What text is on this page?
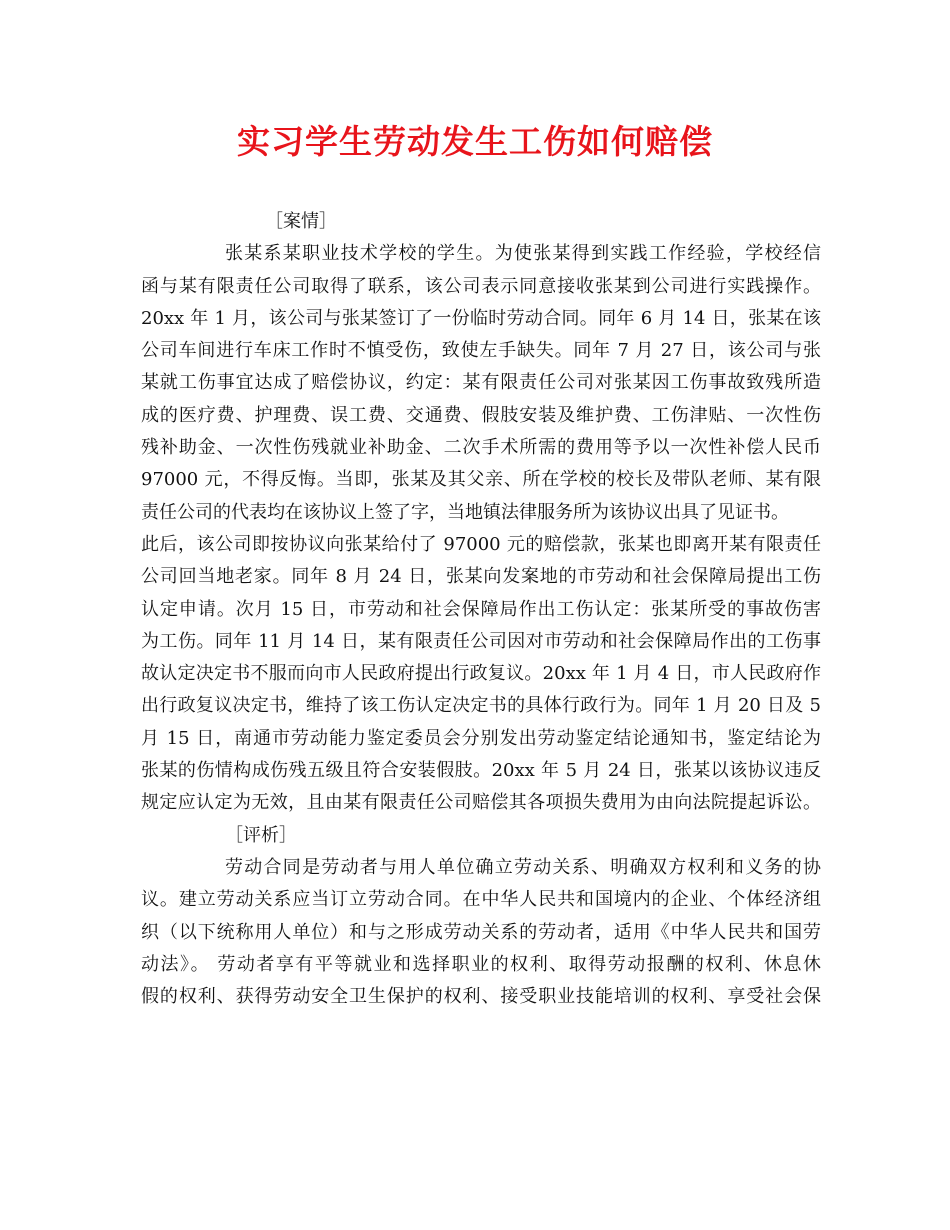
实习学生劳动发生工伤如何赔偿
［案情］
张某系某职业技术学校的学生。为使张某得到实践工作经验，学校经信
函与某有限责任公司取得了联系，该公司表示同意接收张某到公司进行实践操作。
20xx 年 1 月，该公司与张某签订了一份临时劳动合同。同年 6 月 14 日，张某在该
公司车间进行车床工作时不慎受伤，致使左手缺失。同年 7 月 27 日，该公司与张
某就工伤事宜达成了赔偿协议，约定：某有限责任公司对张某因工伤事故致残所造
成的医疗费、护理费、误工费、交通费、假肢安装及维护费、工伤津贴、一次性伤
残补助金、一次性伤残就业补助金、二次手术所需的费用等予以一次性补偿人民币
97000 元，不得反悔。当即，张某及其父亲、所在学校的校长及带队老师、某有限
责任公司的代表均在该协议上签了字，当地镇法律服务所为该协议出具了见证书。
此后，该公司即按协议向张某给付了 97000 元的赔偿款，张某也即离开某有限责任
公司回当地老家。同年 8 月 24 日，张某向发案地的市劳动和社会保障局提出工伤
认定申请。次月 15 日，市劳动和社会保障局作出工伤认定：张某所受的事故伤害
为工伤。同年 11 月 14 日，某有限责任公司因对市劳动和社会保障局作出的工伤事
故认定决定书不服而向市人民政府提出行政复议。20xx 年 1 月 4 日，市人民政府作
出行政复议决定书，维持了该工伤认定决定书的具体行政行为。同年 1 月 20 日及 5
月 15 日，南通市劳动能力鉴定委员会分别发出劳动鉴定结论通知书，鉴定结论为
张某的伤情构成伤残五级且符合安装假肢。20xx 年 5 月 24 日，张某以该协议违反
规定应认定为无效，且由某有限责任公司赔偿其各项损失费用为由向法院提起诉讼。
［评析］
劳动合同是劳动者与用人单位确立劳动关系、明确双方权利和义务的协
议。建立劳动关系应当订立劳动合同。在中华人民共和国境内的企业、个体经济组
织（以下统称用人单位）和与之形成劳动关系的劳动者，适用《中华人民共和国劳
动法》。 劳动者享有平等就业和选择职业的权利、取得劳动报酬的权利、休息休
假的权利、获得劳动安全卫生保护的权利、接受职业技能培训的权利、享受社会保
